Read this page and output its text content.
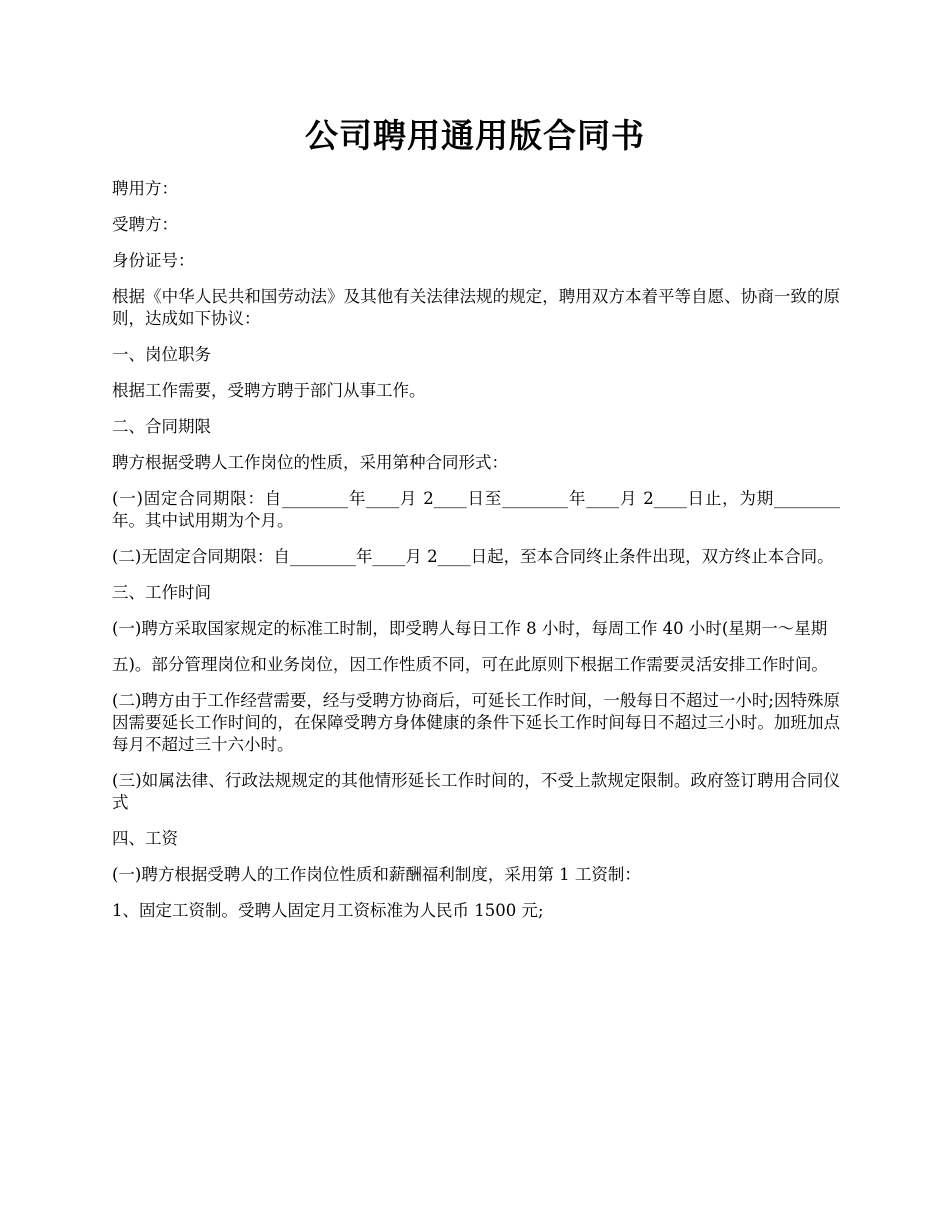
公司聘用通用版合同书

聘用方：

受聘方：

身份证号：

根据《中华人民共和国劳动法》及其他有关法律法规的规定，聘用双方本着平等自愿、协商一致的原则，达成如下协议：

一、岗位职务

根据工作需要，受聘方聘于部门从事工作。

二、合同期限

聘方根据受聘人工作岗位的性质，采用第种合同形式：

(一)固定合同期限：自________年____月 2____日至________年____月 2____日止，为期________年。其中试用期为个月。

(二)无固定合同期限：自________年____月 2____日起，至本合同终止条件出现，双方终止本合同。

三、工作时间

(一)聘方采取国家规定的标准工时制，即受聘人每日工作 8 小时，每周工作 40 小时(星期一～星期

五)。部分管理岗位和业务岗位，因工作性质不同，可在此原则下根据工作需要灵活安排工作时间。

(二)聘方由于工作经营需要，经与受聘方协商后，可延长工作时间，一般每日不超过一小时;因特殊原因需要延长工作时间的，在保障受聘方身体健康的条件下延长工作时间每日不超过三小时。加班加点每月不超过三十六小时。

(三)如属法律、行政法规规定的其他情形延长工作时间的，不受上款规定限制。政府签订聘用合同仪式

四、工资

(一)聘方根据受聘人的工作岗位性质和薪酬福利制度，采用第 1 工资制：

1、固定工资制。受聘人固定月工资标准为人民币 1500 元;
